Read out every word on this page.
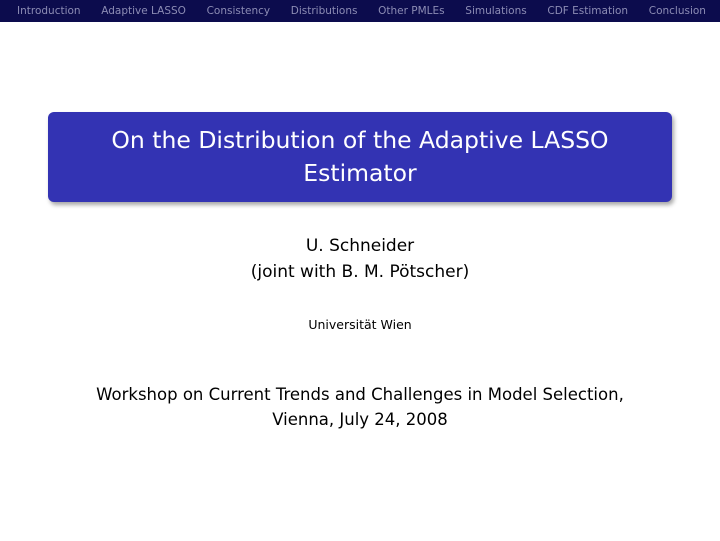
Introduction Adaptive LASSO Consistency Distributions Other PMLEs Simulations CDF Estimation Conclusion
On the Distribution of the Adaptive LASSO
Estimator
U. Schneider
(joint with B. M. Pötscher)
Universität Wien
Workshop on Current Trends and Challenges in Model Selection,
Vienna, July 24, 2008
